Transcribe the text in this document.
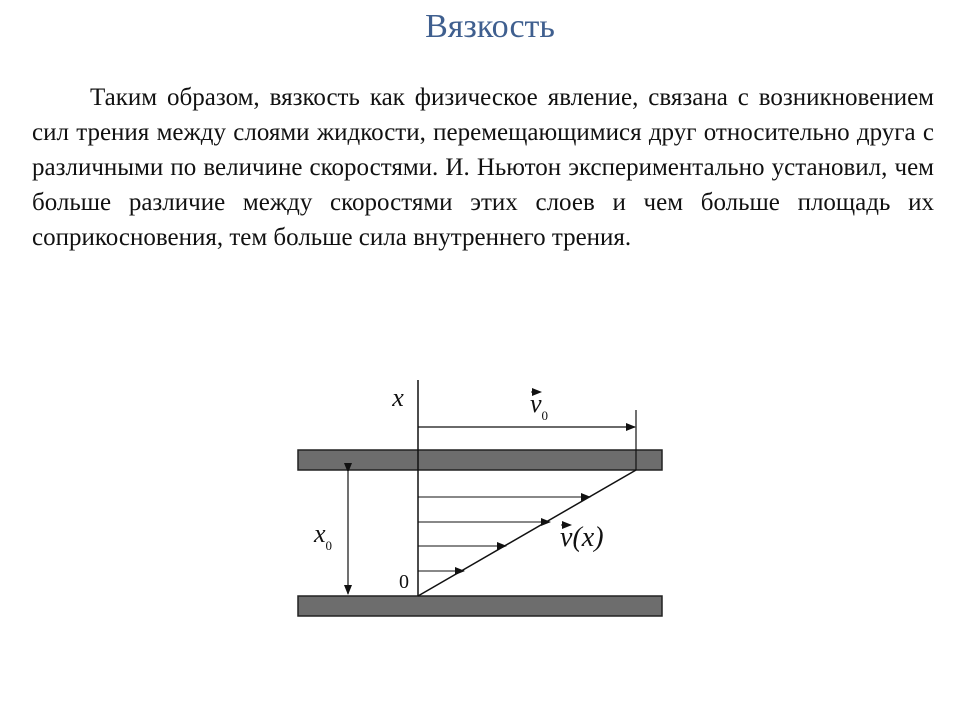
Вязкость

Таким образом, вязкость как физическое явление, связана с возникновением сил трения между слоями жидкости, перемещающимися друг относительно друга с различными по величине скоростями. И. Ньютон экспериментально установил, чем больше различие между скоростями этих слоев и чем больше площадь их соприкосновения, тем больше сила внутреннего трения.

x
0
$x_0$
$v_0$
v(x)
